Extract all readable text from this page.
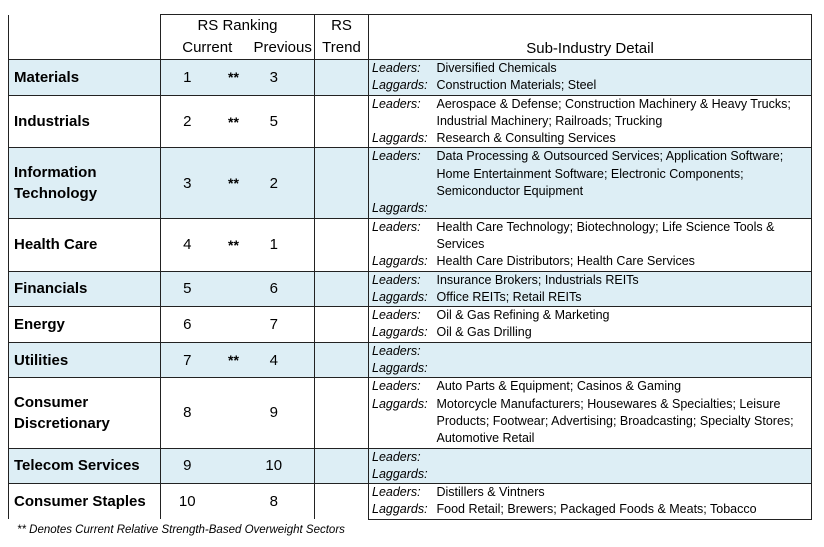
	RS Ranking			RS	Sub-Industry Detail	
	Current		Previous	Trend		
Materials	1	**	3		Leaders:	Diversified Chemicals
					Laggards:	Construction Materials; Steel
Industrials	2	**	5		Leaders:	Aerospace & Defense; Construction Machinery & Heavy Trucks;
						Industrial Machinery; Railroads; Trucking
					Laggards:	Research & Consulting Services
Information Technology	3	**	2		Leaders:	Data Processing & Outsourced Services; Application Software;
						Home Entertainment Software; Electronic Components;
						Semiconductor Equipment
					Laggards:	
Health Care	4	**	1		Leaders:	Health Care Technology; Biotechnology; Life Science Tools &
						Services
					Laggards:	Health Care Distributors; Health Care Services
Financials	5		6		Leaders:	Insurance Brokers; Industrials REITs
					Laggards:	Office REITs; Retail REITs
Energy	6		7		Leaders:	Oil & Gas Refining & Marketing
					Laggards:	Oil & Gas Drilling
Utilities	7	**	4		Leaders:	
					Laggards:	
Consumer Discretionary	8		9		Leaders:	Auto Parts & Equipment; Casinos & Gaming
					Laggards:	Motorcycle Manufacturers; Housewares & Specialties; Leisure
						Products; Footwear; Advertising; Broadcasting; Specialty Stores;
						Automotive Retail
Telecom Services	9		10		Leaders:	
					Laggards:	
Consumer Staples	10		8		Leaders:	Distillers & Vintners
					Laggards:	Food Retail; Brewers; Packaged Foods & Meats; Tobacco
** Denotes Current Relative Strength-Based Overweight Sectors
